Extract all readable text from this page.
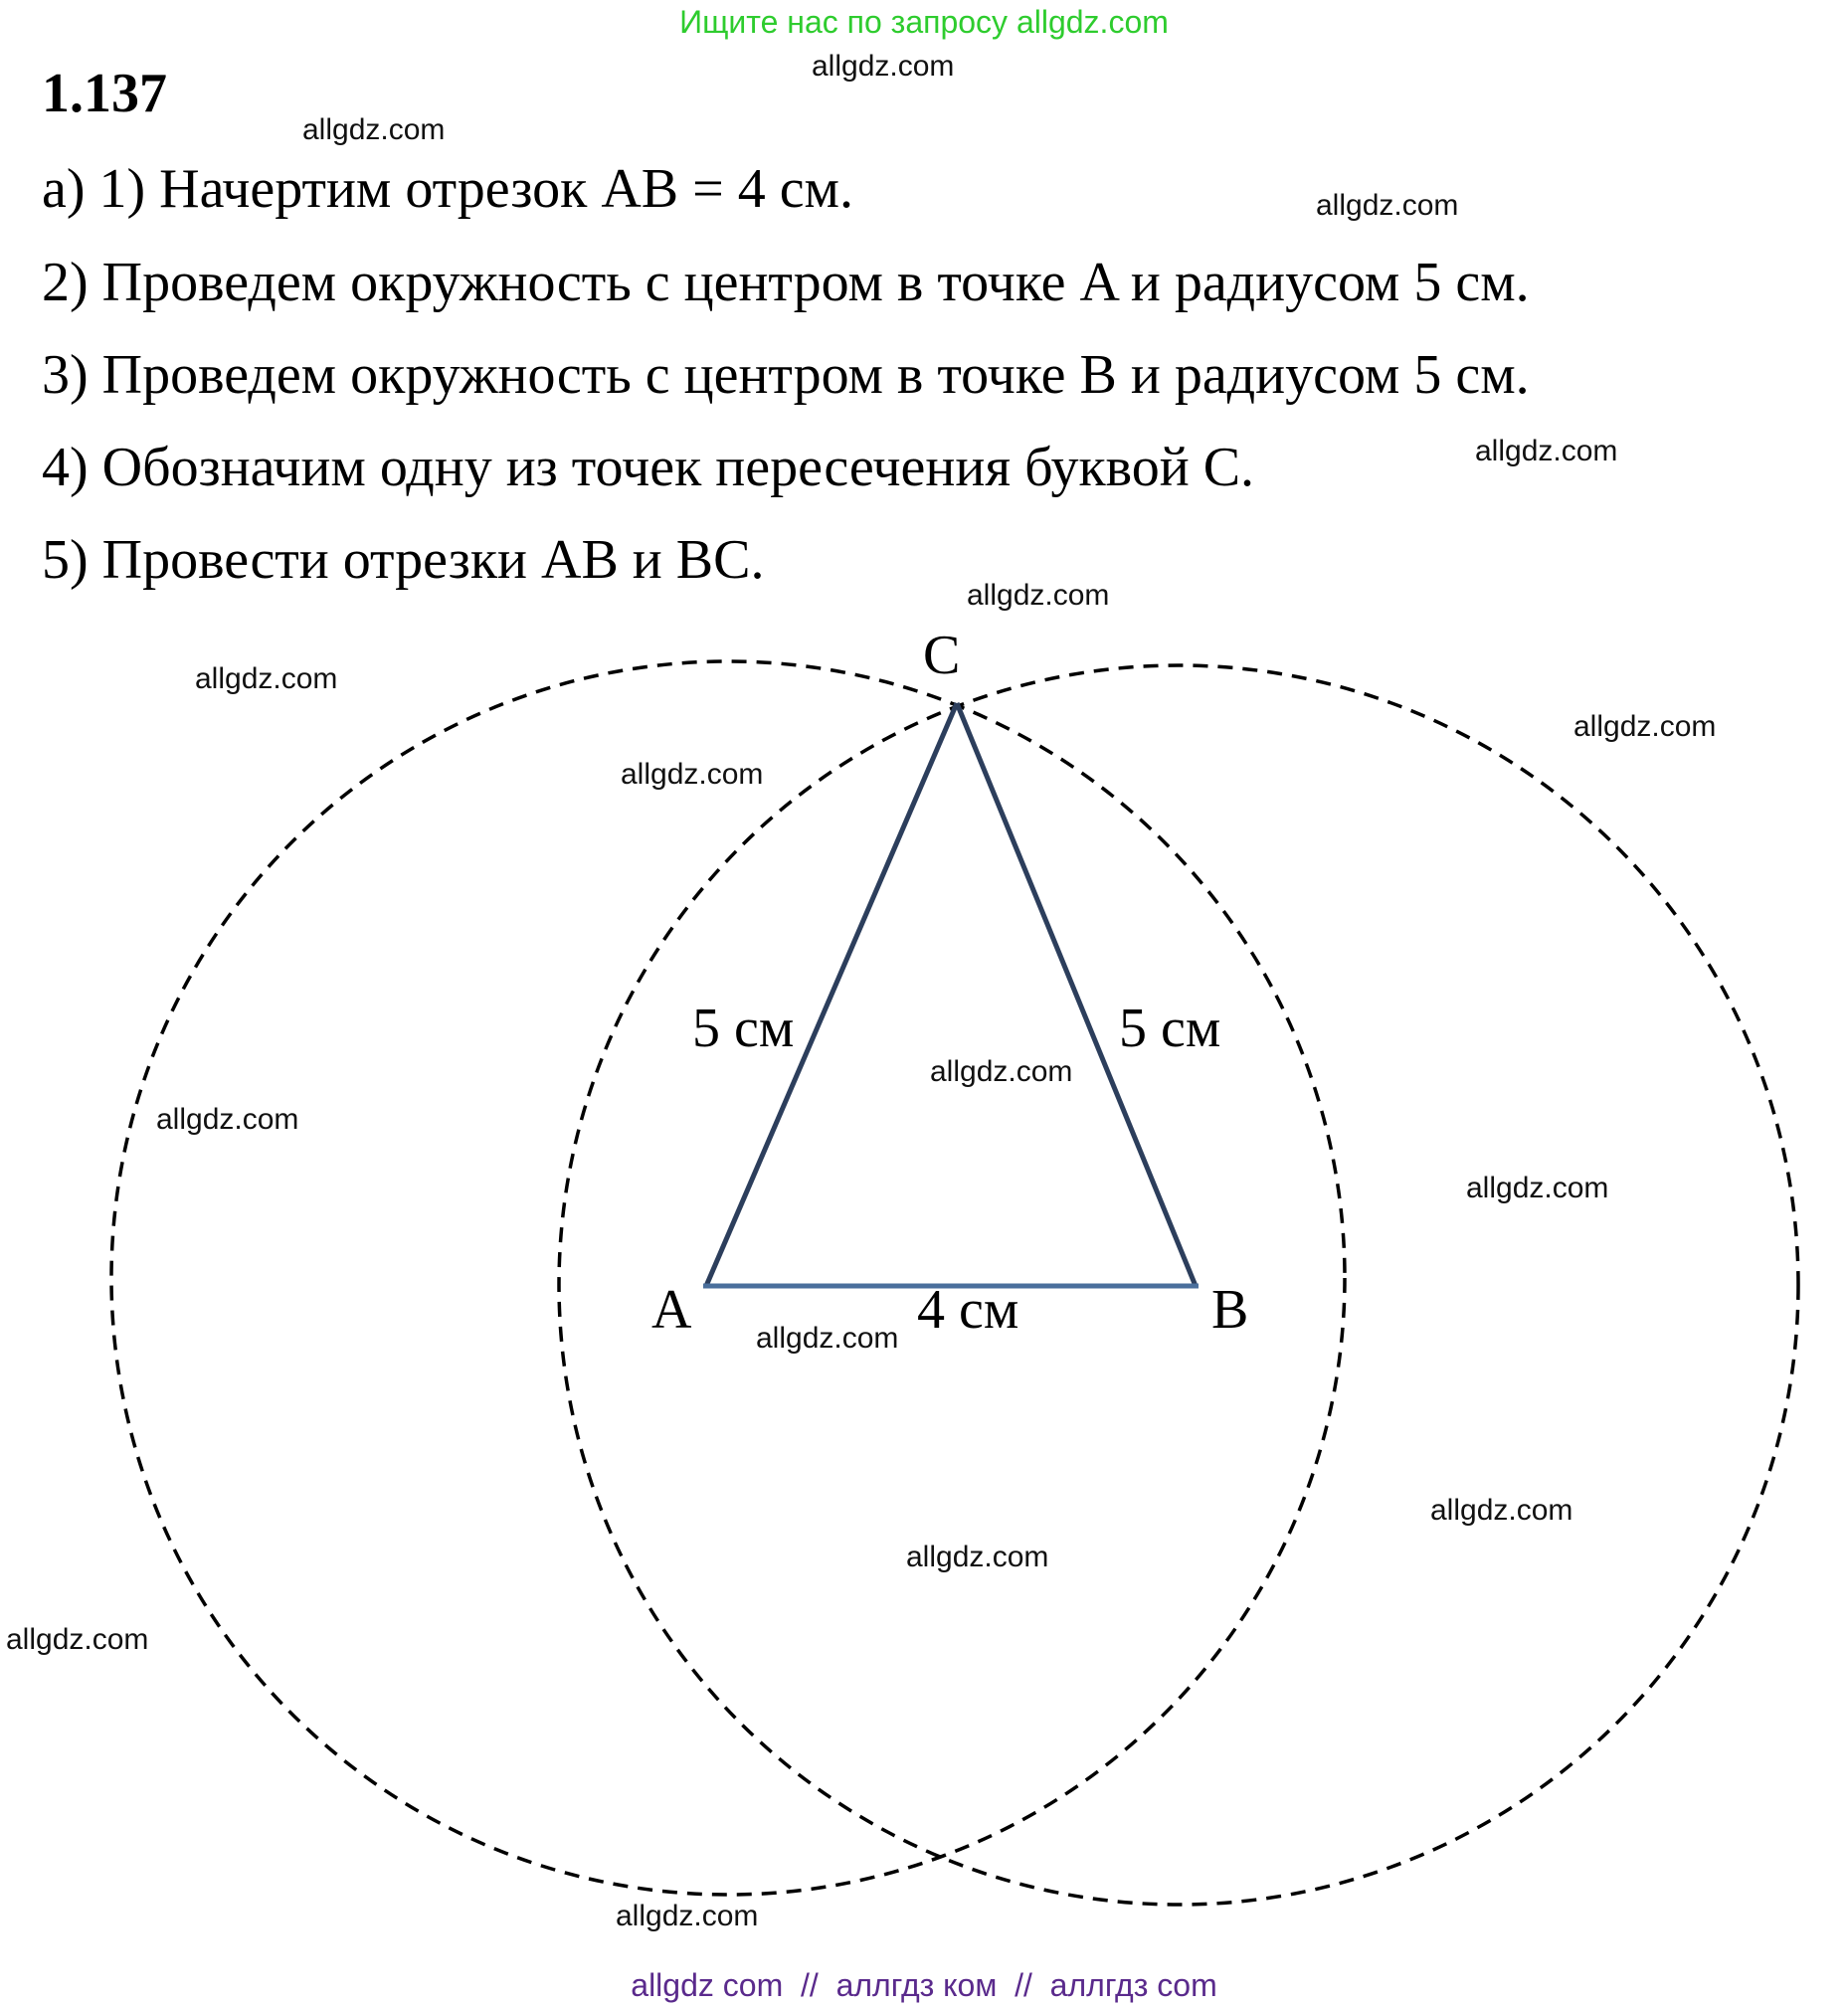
Ищите нас по запросу allgdz.com
1.137
а) 1) Начертим отрезок AB = 4 см.
2) Проведем окружность с центром в точке A и радиусом 5 см.
3) Проведем окружность с центром в точке B и радиусом 5 см.
4) Обозначим одну из точек пересечения буквой C.
5) Провести отрезки AB и BC.
C
A	B
5 см	5 см
4 см
allgdz.com
allgdz.com
allgdz.com
allgdz.com
allgdz.com
allgdz.com
allgdz.com
allgdz.com
allgdz.com
allgdz.com
allgdz.com
allgdz.com
allgdz.com
allgdz.com
allgdz.com
allgdz.com
allgdz com  //  аллгдз ком  //  аллгдз com
